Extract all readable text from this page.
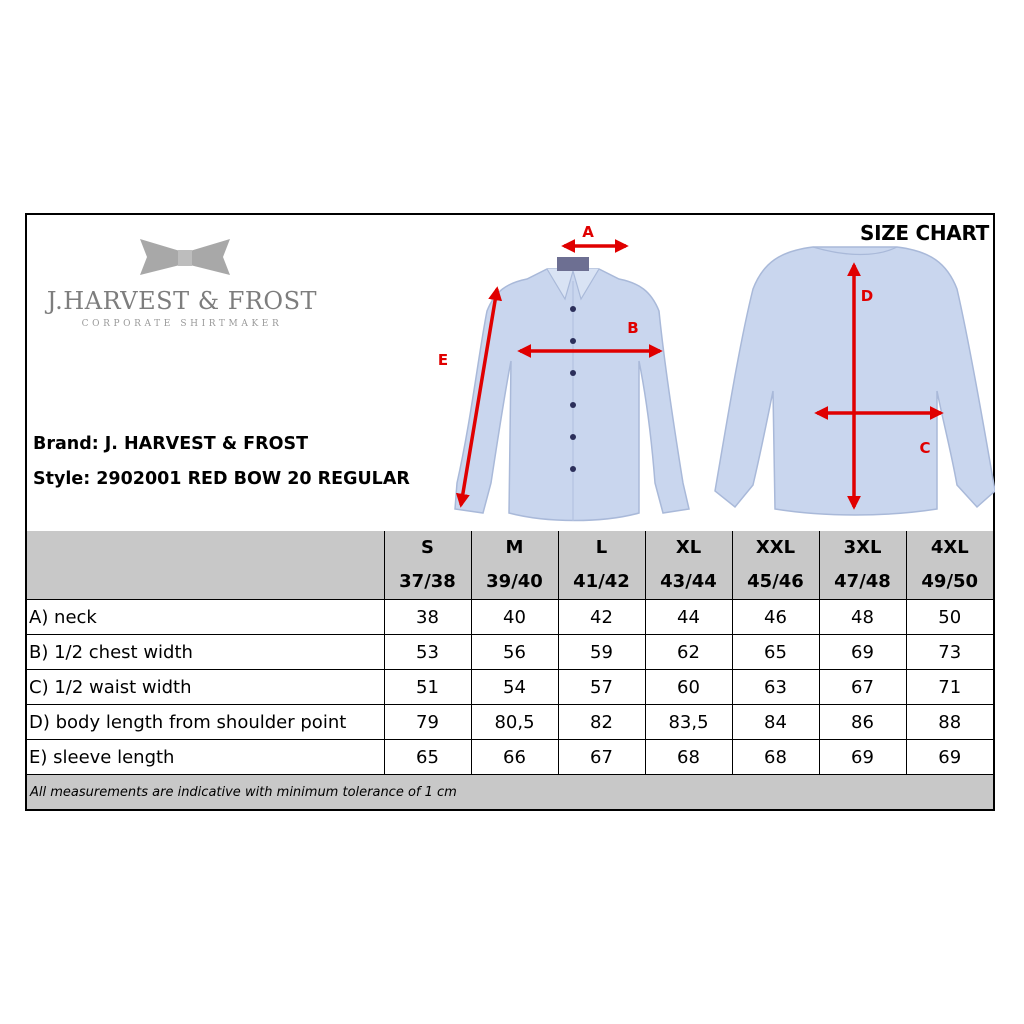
SIZE CHART
J.HARVEST & FROST
CORPORATE SHIRTMAKER
Brand: J. HARVEST & FROST
Style: 2902001 RED BOW 20 REGULAR
A
B
E
D
C
	S	M	L	XL	XXL	3XL	4XL
	37/38	39/40	41/42	43/44	45/46	47/48	49/50
A) neck	38	40	42	44	46	48	50
B) 1/2 chest width	53	56	59	62	65	69	73
C) 1/2 waist width	51	54	57	60	63	67	71
D) body length from shoulder point	79	80,5	82	83,5	84	86	88
E) sleeve length	65	66	67	68	68	69	69
All measurements are indicative with minimum tolerance of 1 cm							
